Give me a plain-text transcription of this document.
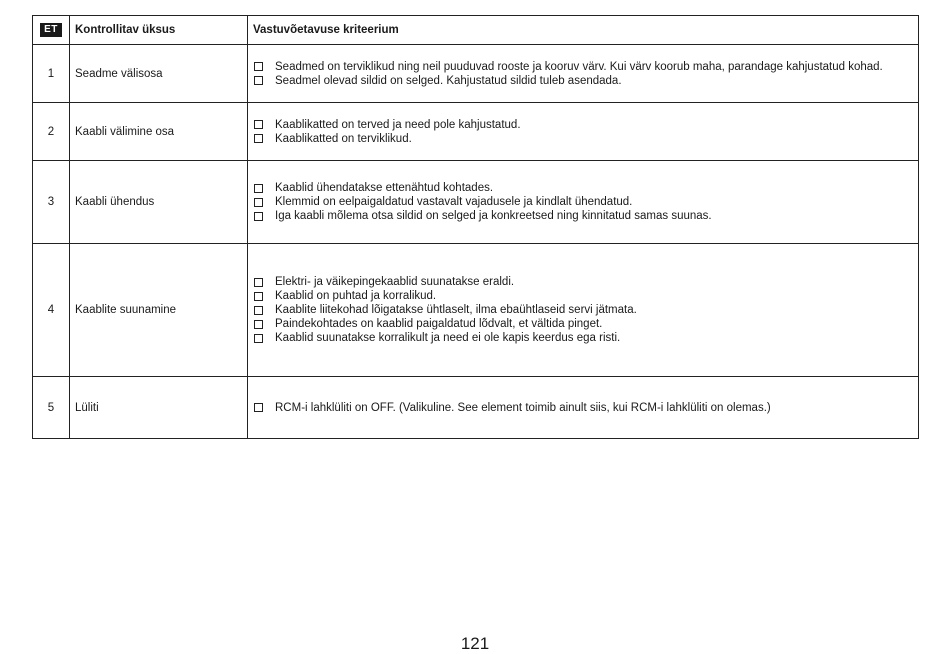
ET	Kontrollitav üksus	Vastuvõetavuse kriteerium
1	Seadme välisosa	Seadmed on terviklikud ning neil puuduvad rooste ja kooruv värv. Kui värv koorub maha, parandage kahjustatud kohad.
Seadmel olevad sildid on selged. Kahjustatud sildid tuleb asendada.

2	Kaabli välimine osa	Kaablikatted on terved ja need pole kahjustatud.
Kaablikatted on terviklikud.

3	Kaabli ühendus	Kaablid ühendatakse ettenähtud kohtades.
Klemmid on eelpaigaldatud vastavalt vajadusele ja kindlalt ühendatud.
Iga kaabli mõlema otsa sildid on selged ja konkreetsed ning kinnitatud samas suunas.

4	Kaablite suunamine	Elektri- ja väikepingekaablid suunatakse eraldi.
Kaablid on puhtad ja korralikud.
Kaablite liitekohad lõigatakse ühtlaselt, ilma ebaühtlaseid servi jätmata.
Paindekohtades on kaablid paigaldatud lõdvalt, et vältida pinget.
Kaablid suunatakse korralikult ja need ei ole kapis keerdus ega risti.

5	Lüliti	RCM-i lahklüliti on OFF. (Valikuline. See element toimib ainult siis, kui RCM-i lahklüliti on olemas.)
121
